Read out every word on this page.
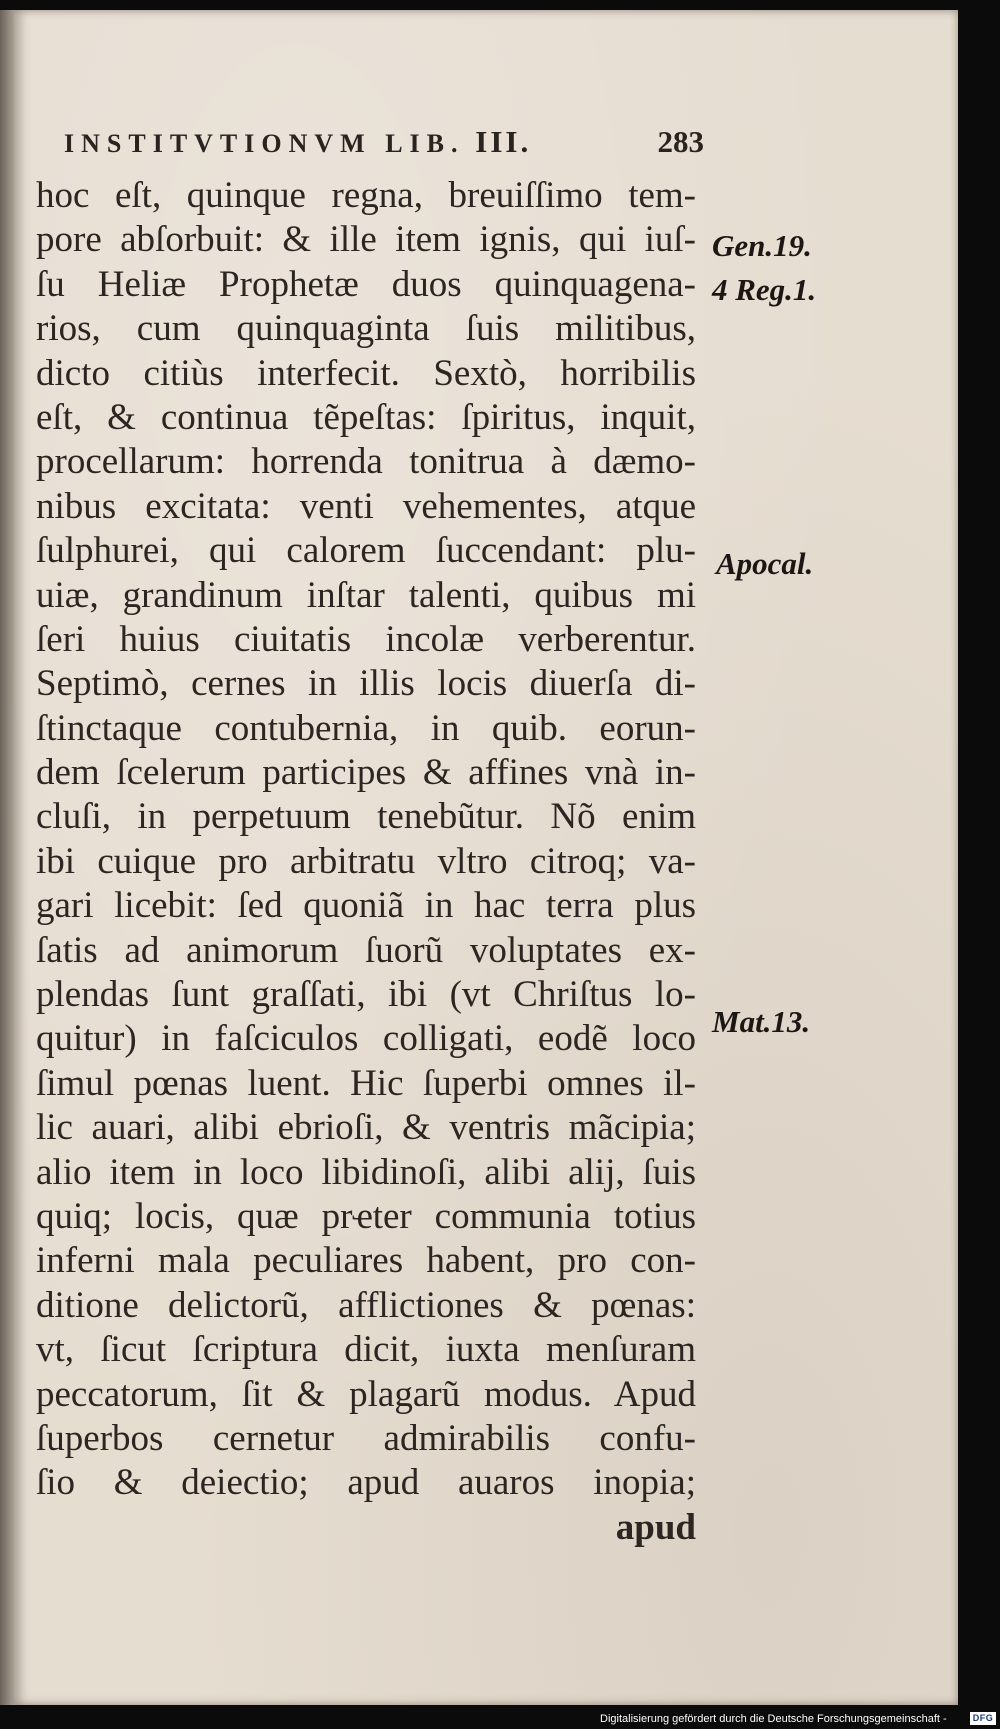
INSTITVTIONVM LIB. III.	283
hoc eſt, quinque regna, breuiſſimo tem-
pore abſorbuit: & ille item ignis, qui iuſ-
ſu Heliæ Prophetæ duos quinquagena-
rios, cum quinquaginta ſuis militibus,
dicto citiùs interfecit. Sextò, horribilis
eſt, & continua tẽpeſtas: ſpiritus, inquit,
procellarum: horrenda tonitrua à dæmo-
nibus excitata: venti vehementes, atque
ſulphurei, qui calorem ſuccendant: plu-
uiæ, grandinum inſtar talenti, quibus mi
ſeri huius ciuitatis incolæ verberentur.
Septimò, cernes in illis locis diuerſa di-
ſtinctaque contubernia, in quib. eorun-
dem ſcelerum participes & affines vnà in-
cluſi, in perpetuum tenebũtur. Nõ enim
ibi cuique pro arbitratu vltro citroq; va-
gari licebit: ſed quoniã in hac terra plus
ſatis ad animorum ſuorũ voluptates ex-
plendas ſunt graſſati, ibi (vt Chriſtus lo-
quitur) in faſciculos colligati, eodẽ loco
ſimul pœnas luent. Hic ſuperbi omnes il-
lic auari, alibi ebrioſi, & ventris mãcipia;
alio item in loco libidinoſi, alibi alij, ſuis
quiq; locis, quæ prҽter communia totius
inferni mala peculiares habent, pro con-
ditione delictorũ, afflictiones & pœnas:
vt, ſicut ſcriptura dicit, iuxta menſuram
peccatorum, ſit & plagarũ modus. Apud
ſuperbos cernetur admirabilis confu-
ſio & deiectio; apud auaros inopia;
apud
Gen.19.
4 Reg.1.
Apocal.
Mat.13.
Digitalisierung gefördert durch die Deutsche Forschungsgemeinschaft -	DFG
